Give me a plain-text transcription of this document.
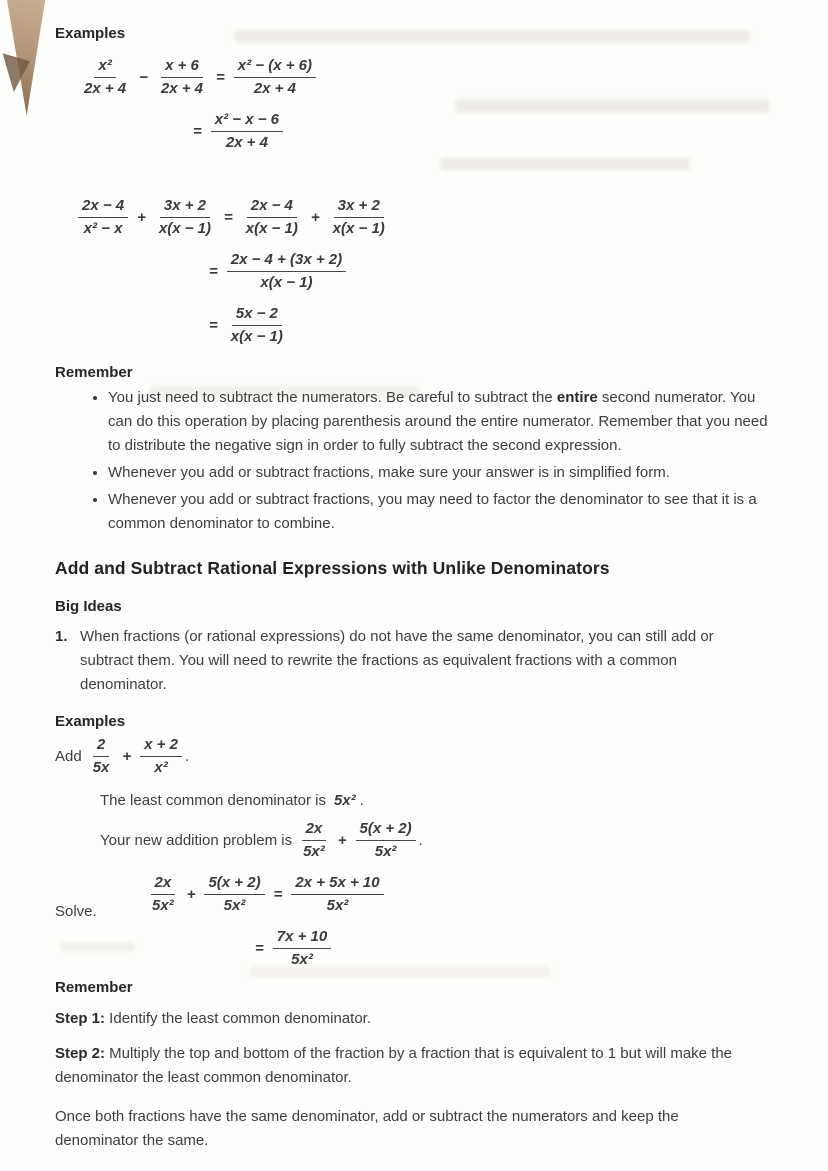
Examples
$\frac{\text{x²}}{2x + 4} - \frac{x + 6}{2x + 4} = \frac{\text{x² − (x + 6)}}{2x + 4}$
= $\frac{\text{x² − x − 6}}{2x + 4}$
$\frac{2x - 4}{\text{x² − x}} + \frac{3x + 2}{x(x - 1)} = \frac{2x - 4}{x(x - 1)} + \frac{3x + 2}{x(x - 1)}$
= $\frac{2x - 4 + (3x + 2)}{x(x - 1)}$
= $\frac{5x - 2}{x(x - 1)}$
Remember
• You just need to subtract the numerators. Be careful to subtract the entire second numerator. You can do this operation by placing parenthesis around the entire numerator. Remember that you need to distribute the negative sign in order to fully subtract the second expression.
• Whenever you add or subtract fractions, make sure your answer is in simplified form.
• Whenever you add or subtract fractions, you may need to factor the denominator to see that it is a common denominator to combine.
Add and Subtract Rational Expressions with Unlike Denominators
Big Ideas
1. When fractions (or rational expressions) do not have the same denominator, you can still add or subtract them. You will need to rewrite the fractions as equivalent fractions with a common denominator.
Examples
Add $\frac{2}{5x} + \frac{x + 2}{\text{x²}}$ .
The least common denominator is 5x² .
Your new addition problem is $\frac{2x}{\text{5x²}} + \frac{5(x + 2)}{\text{5x²}}$ .
Solve.	$\frac{2x}{\text{5x²}} + \frac{5(x + 2)}{\text{5x²}} = \frac{2x + 5x + 10}{\text{5x²}}$
= $\frac{7x + 10}{\text{5x²}}$
Remember

Step 1: Identify the least common denominator.

Step 2: Multiply the top and bottom of the fraction by a fraction that is equivalent to 1 but will make the denominator the least common denominator.

Once both fractions have the same denominator, add or subtract the numerators and keep the denominator the same.
